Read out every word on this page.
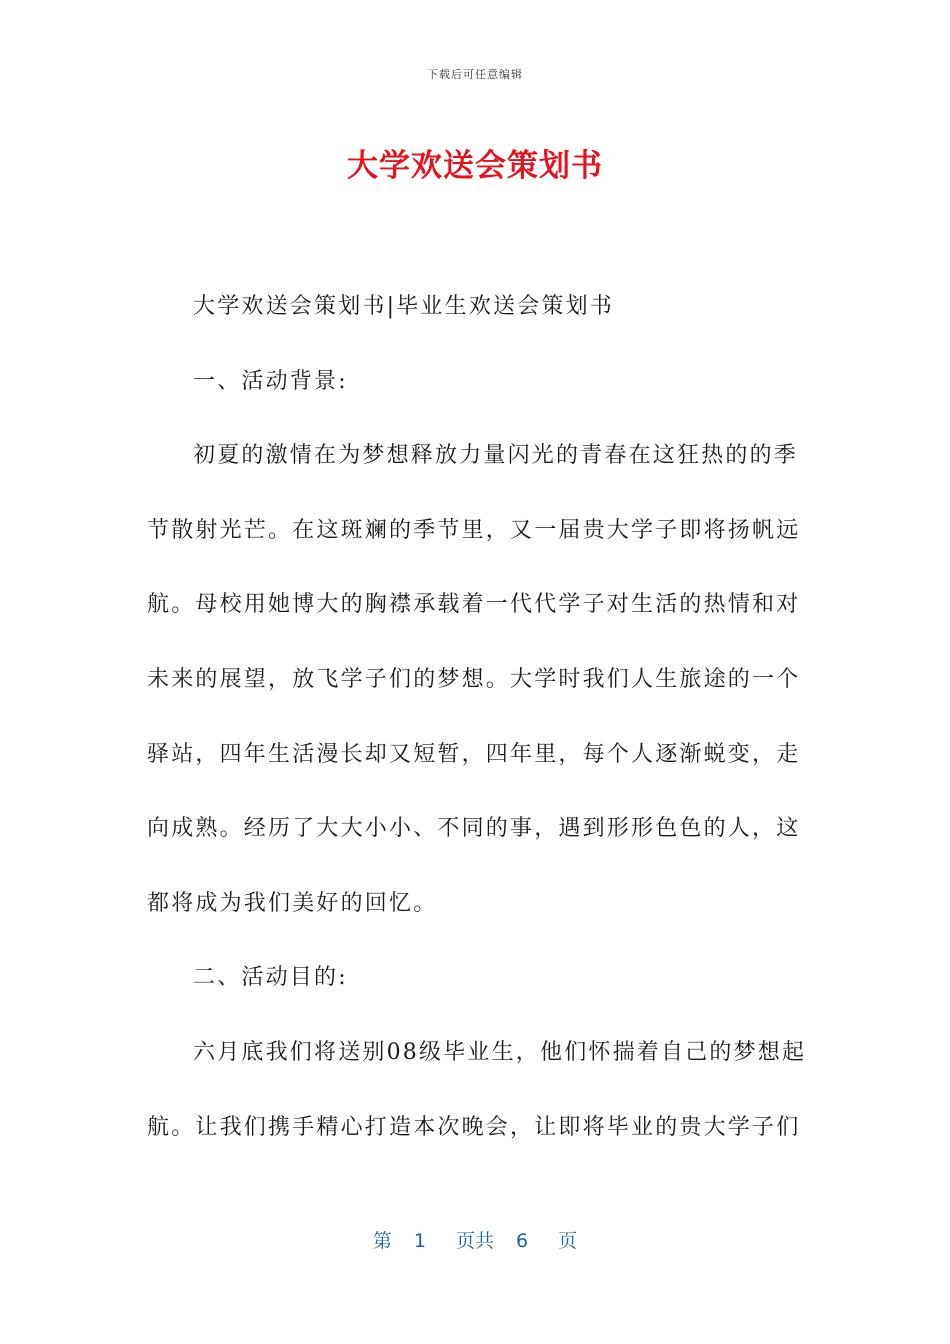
下载后可任意编辑
大学欢送会策划书

大学欢送会策划书|毕业生欢送会策划书

一、活动背景:

初夏的激情在为梦想释放力量闪光的青春在这狂热的的季节散射光芒。在这斑斓的季节里，又一届贵大学子即将扬帆远航。母校用她博大的胸襟承载着一代代学子对生活的热情和对未来的展望，放飞学子们的梦想。大学时我们人生旅途的一个驿站，四年生活漫长却又短暂，四年里，每个人逐渐蜕变，走向成熟。经历了大大小小、不同的事，遇到形形色色的人，这都将成为我们美好的回忆。

二、活动目的:

六月底我们将送别08级毕业生，他们怀揣着自己的梦想起航。让我们携手精心打造本次晚会，让即将毕业的贵大学子们

第 1 页共 6 页
